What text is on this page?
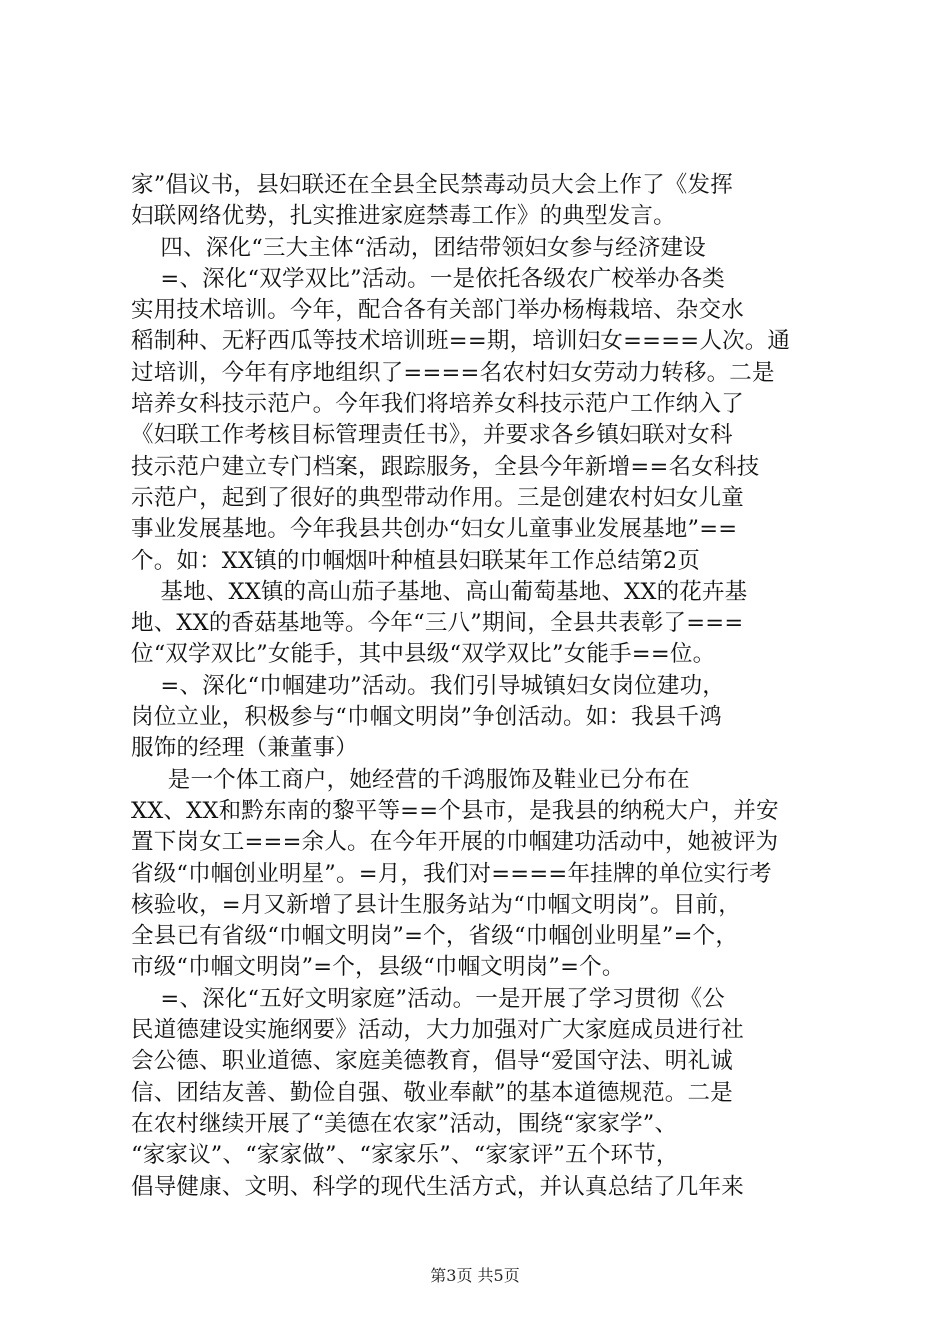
家”倡议书，县妇联还在全县全民禁毒动员大会上作了《发挥
妇联网络优势，扎实推进家庭禁毒工作》的典型发言。
四、深化“三大主体“活动，团结带领妇女参与经济建设
=、深化“双学双比”活动。一是依托各级农广校举办各类
实用技术培训。今年，配合各有关部门举办杨梅栽培、杂交水
稻制种、无籽西瓜等技术培训班==期，培训妇女====人次。通
过培训，今年有序地组织了====名农村妇女劳动力转移。二是
培养女科技示范户。今年我们将培养女科技示范户工作纳入了
《妇联工作考核目标管理责任书》，并要求各乡镇妇联对女科
技示范户建立专门档案，跟踪服务，全县今年新增==名女科技
示范户，起到了很好的典型带动作用。三是创建农村妇女儿童
事业发展基地。今年我县共创办“妇女儿童事业发展基地”==
个。如：XX镇的巾帼烟叶种植县妇联某年工作总结第2页
基地、XX镇的高山茄子基地、高山葡萄基地、XX的花卉基
地、XX的香菇基地等。今年“三八”期间，全县共表彰了===
位“双学双比”女能手，其中县级“双学双比”女能手==位。
=、深化“巾帼建功”活动。我们引导城镇妇女岗位建功，
岗位立业，积极参与“巾帼文明岗”争创活动。如：我县千鸿
服饰的经理（兼董事）
是一个体工商户，她经营的千鸿服饰及鞋业已分布在
XX、XX和黔东南的黎平等==个县市，是我县的纳税大户，并安
置下岗女工===余人。在今年开展的巾帼建功活动中，她被评为
省级“巾帼创业明星”。=月，我们对====年挂牌的单位实行考
核验收，=月又新增了县计生服务站为“巾帼文明岗”。目前，
全县已有省级“巾帼文明岗”=个，省级“巾帼创业明星”=个，
市级“巾帼文明岗”=个，县级“巾帼文明岗”=个。
=、深化“五好文明家庭”活动。一是开展了学习贯彻《公
民道德建设实施纲要》活动，大力加强对广大家庭成员进行社
会公德、职业道德、家庭美德教育，倡导“爱国守法、明礼诚
信、团结友善、勤俭自强、敬业奉献”的基本道德规范。二是
在农村继续开展了“美德在农家”活动，围绕“家家学”、
“家家议”、“家家做”、“家家乐”、“家家评”五个环节，
倡导健康、文明、科学的现代生活方式，并认真总结了几年来
第3页 共5页
